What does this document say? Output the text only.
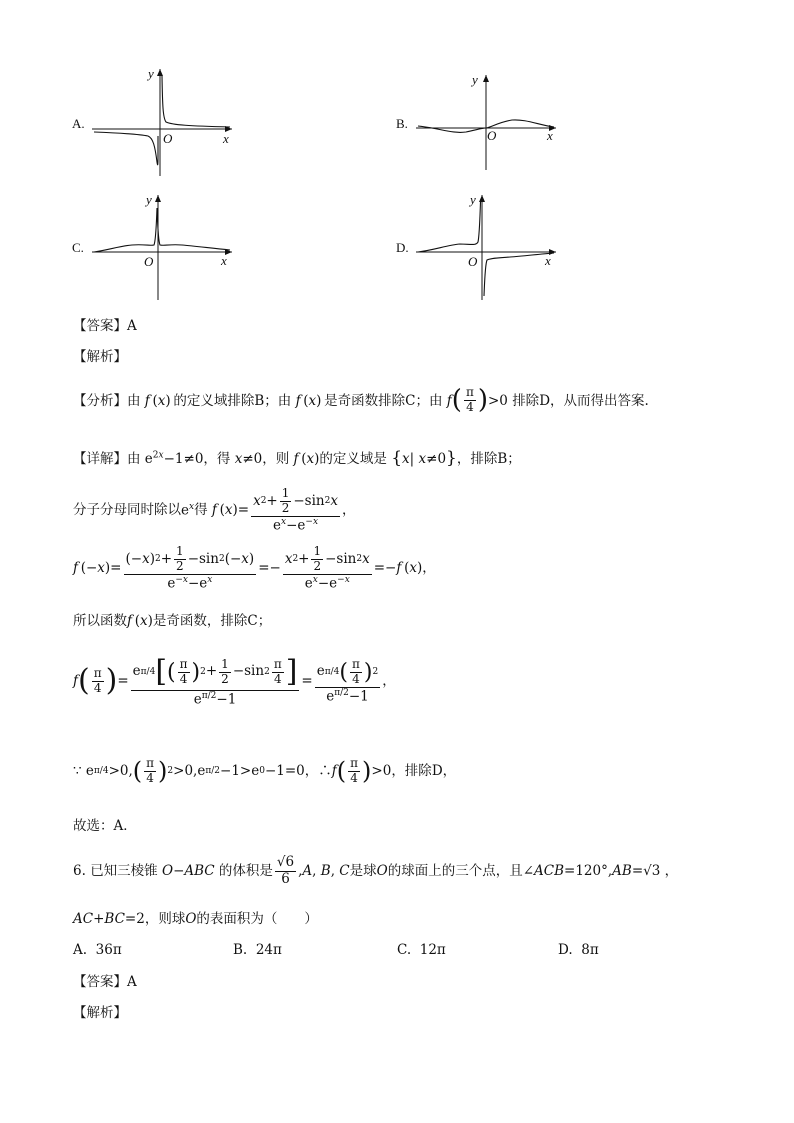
A.
y
x
O
B.
y
x
O
C.
y
x
O
D.
y
x
O
【答案】A
【解析】
【分析】 由 f (x)  的定义域排除 B；由 f (x)  是奇函数排除 C；由
f ( $\frac{\pi}{4}$ ) >0 排除 D，从而得出答案.
【详解】由 $e^{2x}-1\ne 0$，得 x≠0，则 f (x)的定义域是 {x| x≠0}，排除B；
分子分母同时除以 $e^x$ 得
f  ( x )= $\frac{x 2 + \frac{1}{2} -\sin 2 x}{e^x-e^{-x}}$ ，
f  (− x )= $\frac{(- x ) 2 + \frac{1}{2} -\sin 2 (- x )}{e^{-x}-e^x} =- \frac{x 2 + \frac{1}{2} -\sin 2 x}{e^x-e^{-x}} =- f$  ( x )，
所以函数f (x)是奇函数，排除C；
f ( $\frac{\pi}{4}$ ) = $\frac{e \pi/4 [ ( \frac{\pi}{4} ) 2 + \frac{1}{2} -\sin 2 \frac{\pi}{4} ]}{e^{\pi/2}-1} = \frac{e \pi/4 ( \frac{\pi}{4} ) 2}{e^{\pi/2}-1}$ ，
∵ e π/4 >0, ( $\frac{\pi}{4}$ ) 2 >0,e π/2 −1>e 0 −1=0，∴ f ( $\frac{\pi}{4}$ ) >0 ，排除 D，
故选：A．
6.
已知三棱锥 O−ABC 的体积是 $\frac{√6}{6} ,A$, B, C 是球 O 的球面上的三个点，且 ∠ACB=120°,AB=√3 ，
AC+BC=2，则球O的表面积为（　　）
A. 36π	B. 24π	C. 12π	D. 8π
【答案】A
【解析】
